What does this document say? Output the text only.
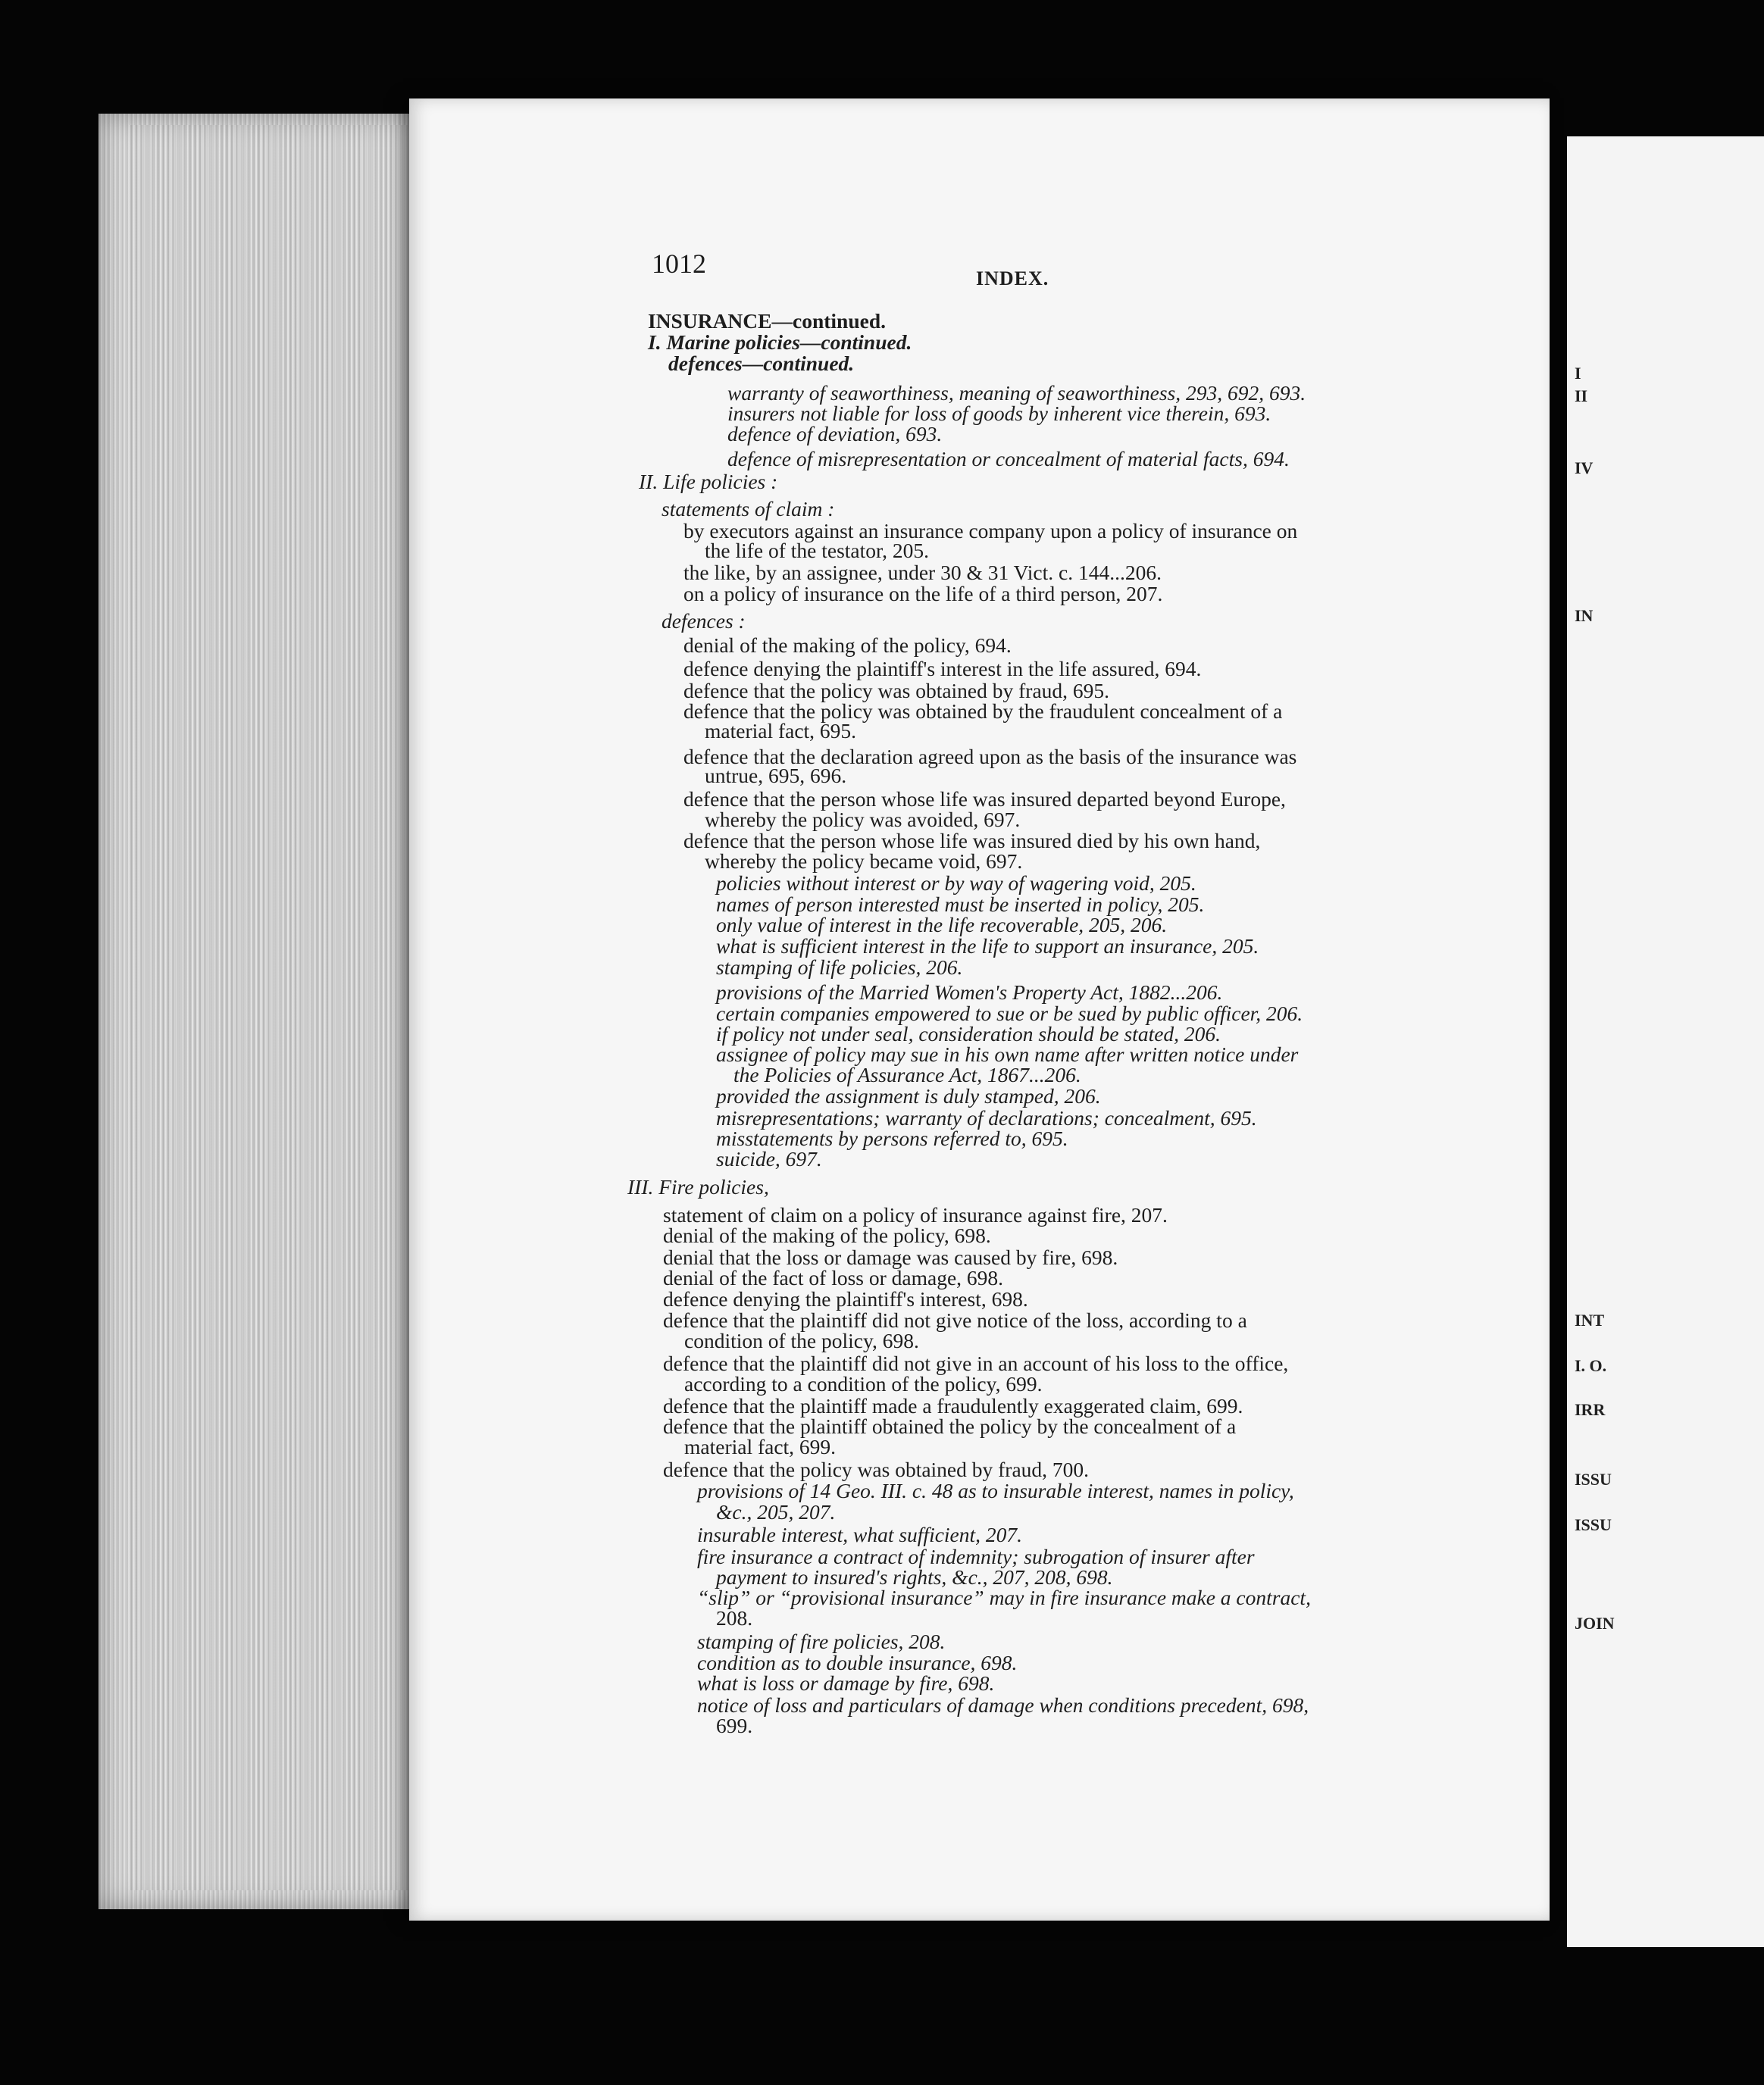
I
II
IV
IN
INT
I. O.
IRR
ISSU
ISSU
JOIN
1012	INDEX.
INSURANCE—continued.
I. Marine policies—continued.
defences—continued.
warranty of seaworthiness, meaning of seaworthiness, 293, 692, 693.
insurers not liable for loss of goods by inherent vice therein, 693.
defence of deviation, 693.
defence of misrepresentation or concealment of material facts, 694.
II. Life policies :
statements of claim :
by executors against an insurance company upon a policy of insurance on
the life of the testator, 205.
the like, by an assignee, under 30 & 31 Vict. c. 144...206.
on a policy of insurance on the life of a third person, 207.
defences :
denial of the making of the policy, 694.
defence denying the plaintiff's interest in the life assured, 694.
defence that the policy was obtained by fraud, 695.
defence that the policy was obtained by the fraudulent concealment of a
material fact, 695.
defence that the declaration agreed upon as the basis of the insurance was
untrue, 695, 696.
defence that the person whose life was insured departed beyond Europe,
whereby the policy was avoided, 697.
defence that the person whose life was insured died by his own hand,
whereby the policy became void, 697.
policies without interest or by way of wagering void, 205.
names of person interested must be inserted in policy, 205.
only value of interest in the life recoverable, 205, 206.
what is sufficient interest in the life to support an insurance, 205.
stamping of life policies, 206.
provisions of the Married Women's Property Act, 1882...206.
certain companies empowered to sue or be sued by public officer, 206.
if policy not under seal, consideration should be stated, 206.
assignee of policy may sue in his own name after written notice under
the Policies of Assurance Act, 1867...206.
provided the assignment is duly stamped, 206.
misrepresentations; warranty of declarations; concealment, 695.
misstatements by persons referred to, 695.
suicide, 697.
III. Fire policies,
statement of claim on a policy of insurance against fire, 207.
denial of the making of the policy, 698.
denial that the loss or damage was caused by fire, 698.
denial of the fact of loss or damage, 698.
defence denying the plaintiff's interest, 698.
defence that the plaintiff did not give notice of the loss, according to a
condition of the policy, 698.
defence that the plaintiff did not give in an account of his loss to the office,
according to a condition of the policy, 699.
defence that the plaintiff made a fraudulently exaggerated claim, 699.
defence that the plaintiff obtained the policy by the concealment of a
material fact, 699.
defence that the policy was obtained by fraud, 700.
provisions of 14 Geo. III. c. 48 as to insurable interest, names in policy,
&c., 205, 207.
insurable interest, what sufficient, 207.
fire insurance a contract of indemnity; subrogation of insurer after
payment to insured's rights, &c., 207, 208, 698.
“slip” or “provisional insurance” may in fire insurance make a contract,
208.
stamping of fire policies, 208.
condition as to double insurance, 698.
what is loss or damage by fire, 698.
notice of loss and particulars of damage when conditions precedent, 698,
699.
